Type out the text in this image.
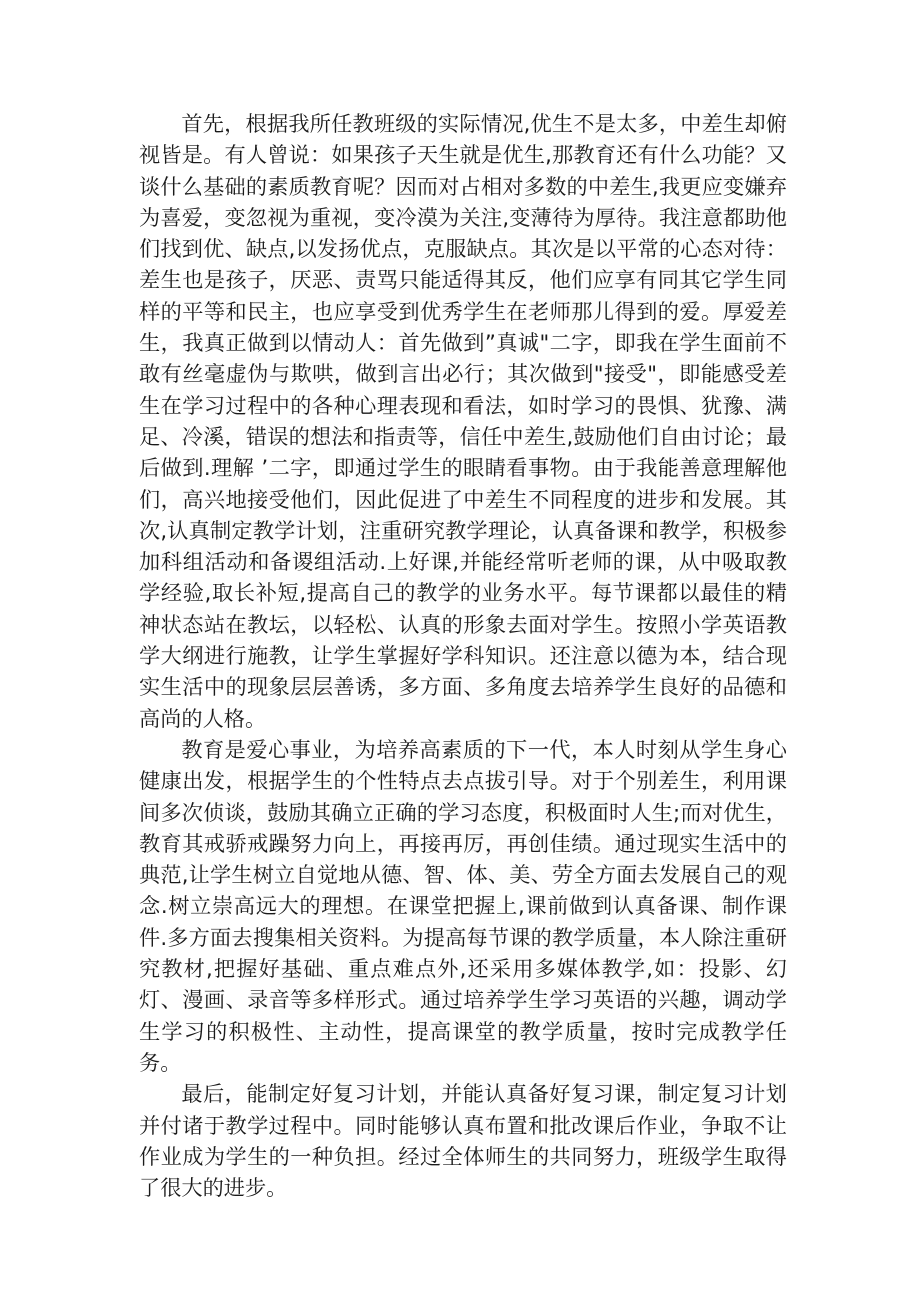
首先，根据我所任教班级的实际情况,优生不是太多，中差生却俯视皆是。有人曾说：如果孩子天生就是优生,那教育还有什么功能？又谈什么基础的素质教育呢？因而对占相对多数的中差生,我更应变嫌弃为喜爱，变忽视为重视，变冷漠为关注,变薄待为厚待。我注意都助他们找到优、缺点,以发扬优点，克服缺点。其次是以平常的心态对待：差生也是孩子，厌恶、责骂只能适得其反，他们应享有同其它学生同样的平等和民主，也应享受到优秀学生在老师那儿得到的爱。厚爱差生，我真正做到以情动人：首先做到”真诚"二字，即我在学生面前不敢有丝毫虚伪与欺哄，做到言出必行；其次做到"接受"，即能感受差生在学习过程中的各种心理表现和看法，如时学习的畏惧、犹豫、满足、冷溪，错误的想法和指责等，信任中差生,鼓励他们自由讨论；最后做到.理解 ’二字，即通过学生的眼睛看事物。由于我能善意理解他们，高兴地接受他们，因此促进了中差生不同程度的进步和发展。其次,认真制定教学计划，注重研究教学理论，认真备课和教学，积极参加科组活动和备谡组活动.上好课,并能经常听老师的课，从中吸取教学经验,取长补短,提高自己的教学的业务水平。每节课都以最佳的精神状态站在教坛，以轻松、认真的形象去面对学生。按照小学英语教学大纲进行施教，让学生掌握好学科知识。还注意以德为本，结合现实生活中的现象层层善诱，多方面、多角度去培养学生良好的品德和高尚的人格。

教育是爱心事业，为培养高素质的下一代，本人时刻从学生身心健康出发，根据学生的个性特点去点拔引导。对于个别差生，利用课间多次侦谈，鼓励其确立正确的学习态度，积极面时人生;而对优生，教育其戒骄戒躁努力向上，再接再厉，再创佳绩。通过现实生活中的典范,让学生树立自觉地从德、智、体、美、劳全方面去发展自己的观念.树立崇高远大的理想。在课堂把握上,课前做到认真备课、制作课件.多方面去搜集相关资料。为提高每节课的教学质量，本人除注重研究教材,把握好基础、重点难点外,还采用多媒体教学,如：投影、幻灯、漫画、录音等多样形式。通过培养学生学习英语的兴趣，调动学生学习的积极性、主动性，提高课堂的教学质量，按时完成教学任务。

最后，能制定好复习计划，并能认真备好复习课，制定复习计划并付诸于教学过程中。同时能够认真布置和批改课后作业，争取不让作业成为学生的一种负担。经过全体师生的共同努力，班级学生取得了很大的进步。
